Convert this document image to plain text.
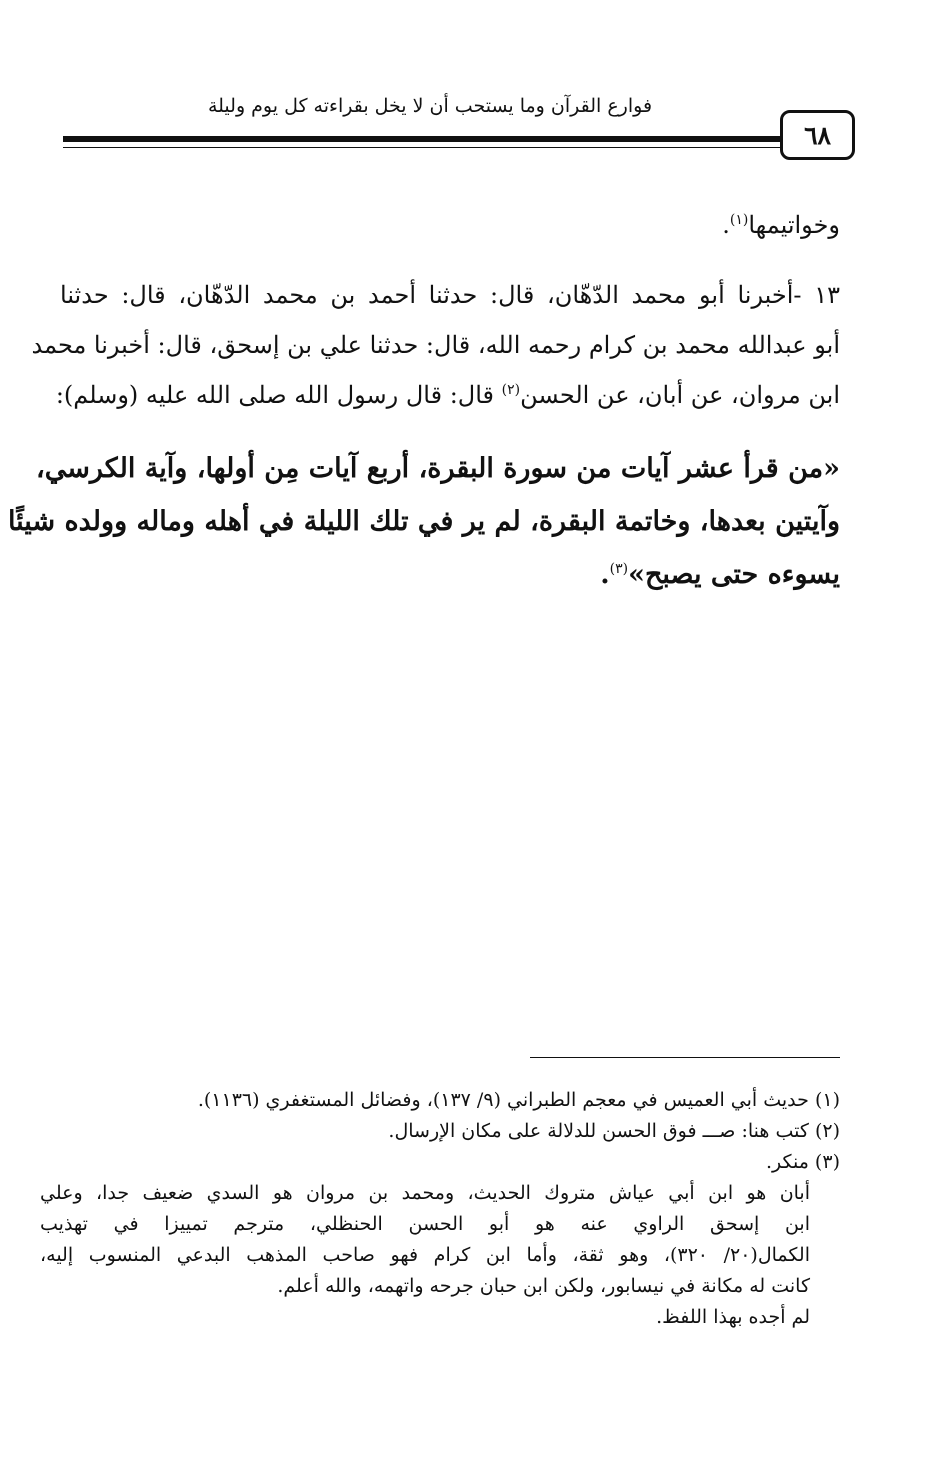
فوارع القرآن وما يستحب أن لا يخل بقراءته كل يوم وليلة
٦٨
وخواتيمها$^{(١)}$.
١٣ -أخبرنا أبو محمد الدّهّان، قال: حدثنا أحمد بن محمد الدّهّان، قال: حدثنا
أبو عبدالله محمد بن كرام رحمه الله، قال: حدثنا علي بن إسحق، قال: أخبرنا محمد
ابن مروان، عن أبان، عن الحسن$^{(٢)}$ قال: قال رسول الله صلى الله عليه (وسلم):
«من قرأ عشر آيات من سورة البقرة، أربع آيات مِن أولها، وآية الكرسي،
وآيتين بعدها، وخاتمة البقرة، لم ير في تلك الليلة في أهله وماله وولده شيئًا
يسوءه حتى يصبح»$^{(٣)}$.
(١) حديث أبي العميس في معجم الطبراني (٩/ ١٣٧)، وفضائل المستغفري (١١٣٦).
(٢) كتب هنا: صـــ فوق الحسن للدلالة على مكان الإرسال.
(٣) منكر.
أبان هو ابن أبي عياش متروك الحديث، ومحمد بن مروان هو السدي ضعيف جدا، وعلي
ابن إسحق الراوي عنه هو أبو الحسن الحنظلي، مترجم تمييزا في تهذيب
الكمال(٢٠/ ٣٢٠)، وهو ثقة، وأما ابن كرام فهو صاحب المذهب البدعي المنسوب إليه،
كانت له مكانة في نيسابور، ولكن ابن حبان جرحه واتهمه، والله أعلم.
لم أجده بهذا اللفظ.
